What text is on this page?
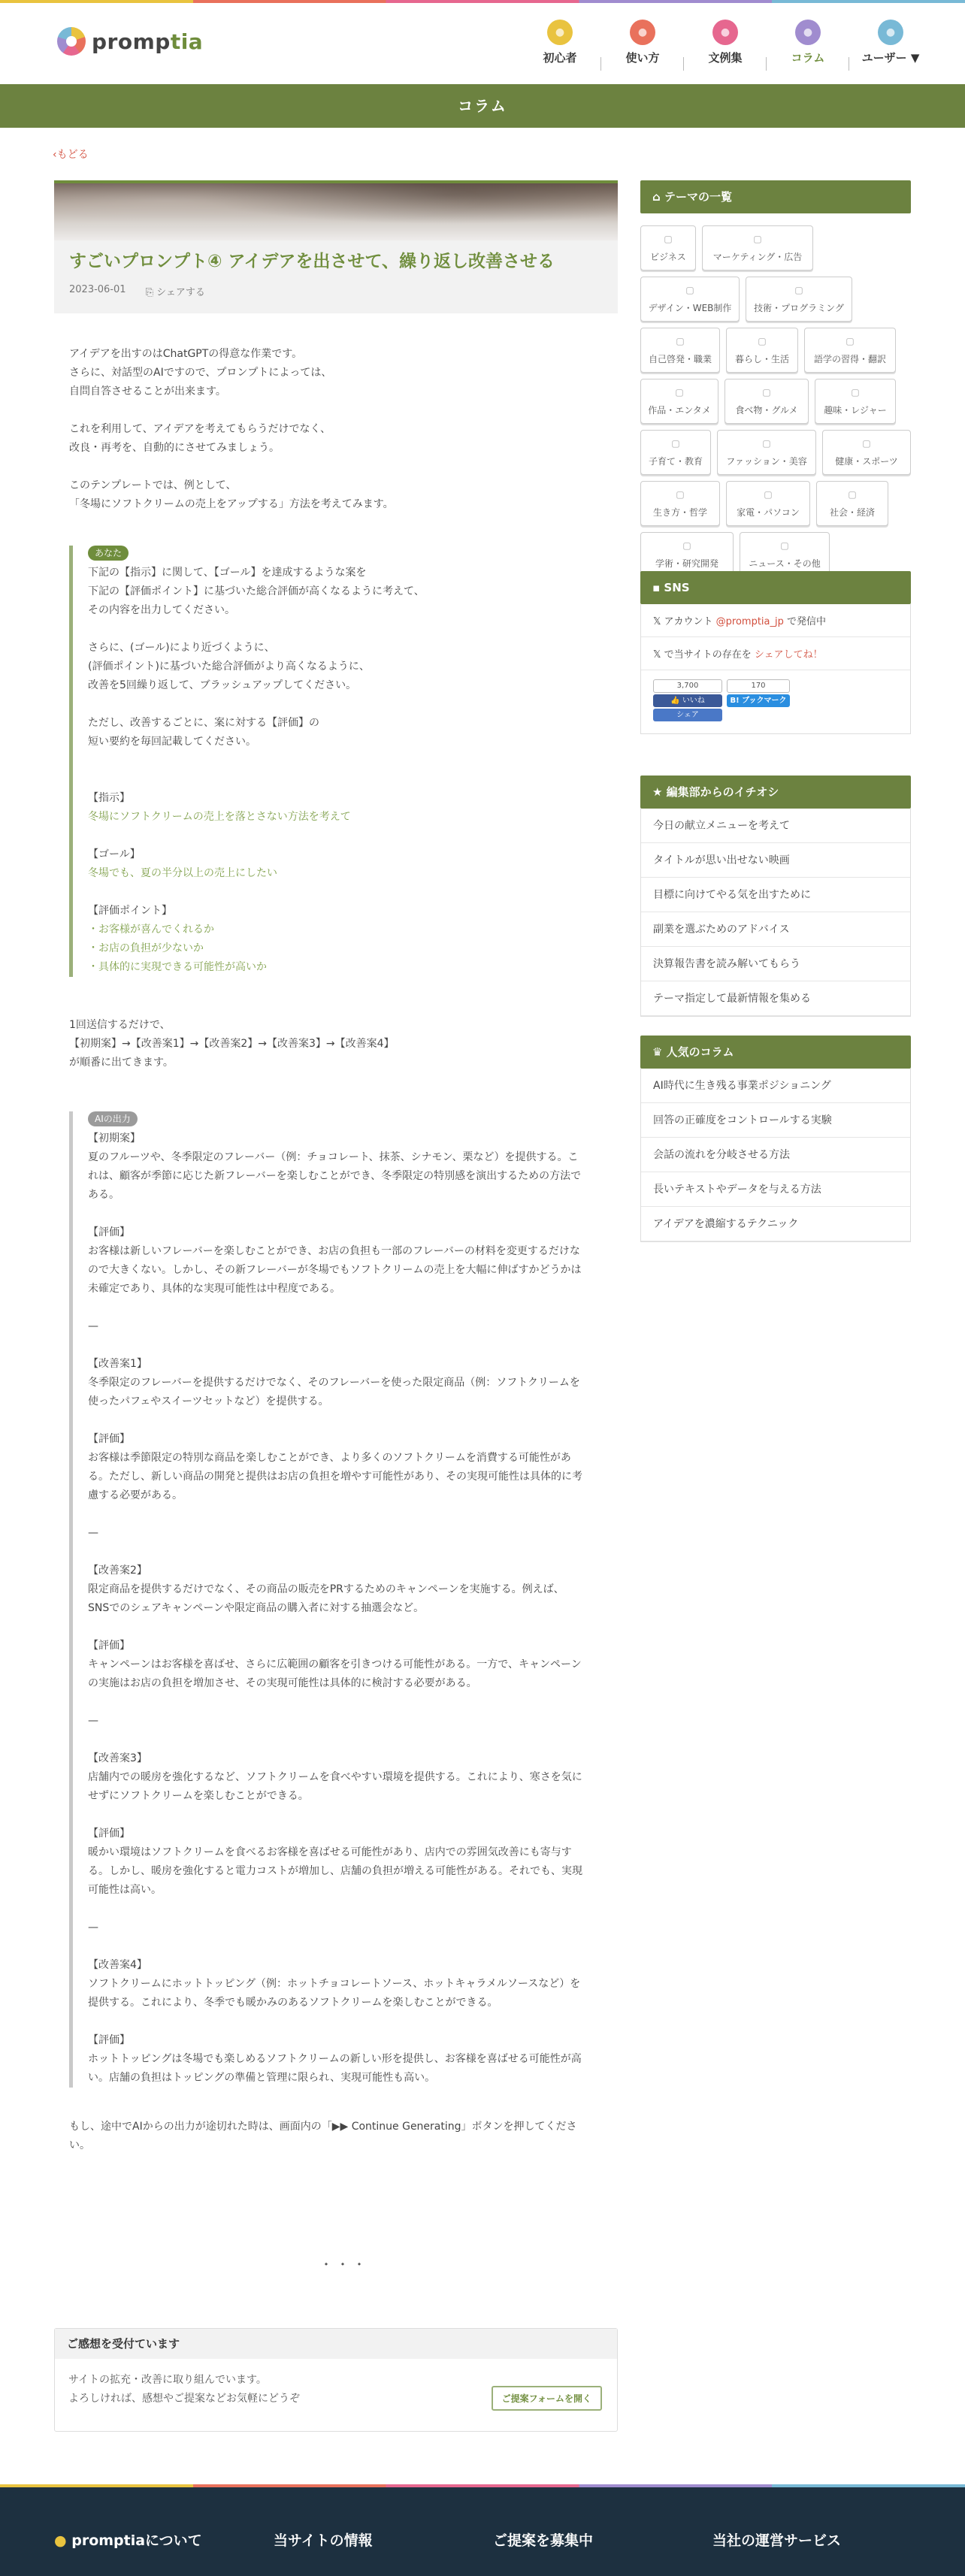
promptia	●
初心者
●
使い方
●
文例集
●
コラム
●
ユーザー ▼
コラム
‹もどる
すごいプロンプト④ アイデアを出させて、繰り返し改善させる
2023-06-01 ⎘ シェアする

アイデアを出すのはChatGPTの得意な作業です。

さらに、対話型のAIですので、プロンプトによっては、

自問自答させることが出来ます。

これを利用して、アイデアを考えてもらうだけでなく、

改良・再考を、自動的にさせてみましょう。

このテンプレートでは、例として、

「冬場にソフトクリームの売上をアップする」方法を考えてみます。

あなた

下記の【指示】に関して、【ゴール】を達成するような案を

下記の【評価ポイント】に基づいた総合評価が高くなるように考えて、

その内容を出力してください。

さらに、(ゴール)により近づくように、

(評価ポイント)に基づいた総合評価がより高くなるように、

改善を5回繰り返して、ブラッシュアップしてください。

ただし、改善するごとに、案に対する【評価】の

短い要約を毎回記載してください。

【指示】

冬場にソフトクリームの売上を落とさない方法を考えて

【ゴール】

冬場でも、夏の半分以上の売上にしたい

【評価ポイント】

・お客様が喜んでくれるか

・お店の負担が少ないか

・具体的に実現できる可能性が高いか

1回送信するだけで、

【初期案】→【改善案1】→【改善案2】→【改善案3】→【改善案4】

が順番に出てきます。

AIの出力

【初期案】

夏のフルーツや、冬季限定のフレーバー（例：チョコレート、抹茶、シナモン、栗など）を提供する。これは、顧客が季節に応じた新フレーバーを楽しむことができ、冬季限定の特別感を演出するための方法である。

【評価】

お客様は新しいフレーバーを楽しむことができ、お店の負担も一部のフレーバーの材料を変更するだけなので大きくない。しかし、その新フレーバーが冬場でもソフトクリームの売上を大幅に伸ばすかどうかは未確定であり、具体的な実現可能性は中程度である。

—

【改善案1】

冬季限定のフレーバーを提供するだけでなく、そのフレーバーを使った限定商品（例：ソフトクリームを使ったパフェやスイーツセットなど）を提供する。

【評価】

お客様は季節限定の特別な商品を楽しむことができ、より多くのソフトクリームを消費する可能性がある。ただし、新しい商品の開発と提供はお店の負担を増やす可能性があり、その実現可能性は具体的に考慮する必要がある。

—

【改善案2】

限定商品を提供するだけでなく、その商品の販売をPRするためのキャンペーンを実施する。例えば、SNSでのシェアキャンペーンや限定商品の購入者に対する抽選会など。

【評価】

キャンペーンはお客様を喜ばせ、さらに広範囲の顧客を引きつける可能性がある。一方で、キャンペーンの実施はお店の負担を増加させ、その実現可能性は具体的に検討する必要がある。

—

【改善案3】

店舗内での暖房を強化するなど、ソフトクリームを食べやすい環境を提供する。これにより、寒さを気にせずにソフトクリームを楽しむことができる。

【評価】

暖かい環境はソフトクリームを食べるお客様を喜ばせる可能性があり、店内での雰囲気改善にも寄与する。しかし、暖房を強化すると電力コストが増加し、店舗の負担が増える可能性がある。それでも、実現可能性は高い。

—

【改善案4】

ソフトクリームにホットトッピング（例：ホットチョコレートソース、ホットキャラメルソースなど）を提供する。これにより、冬季でも暖かみのあるソフトクリームを楽しむことができる。

【評価】

ホットトッピングは冬場でも楽しめるソフトクリームの新しい形を提供し、お客様を喜ばせる可能性が高い。店舗の負担はトッピングの準備と管理に限られ、実現可能性も高い。

もし、途中でAIからの出力が途切れた時は、画面内の「▶▶ Continue Generating」ボタンを押してください。

・・・
ご感想を受付ています

サイトの拡充・改善に取り組んでいます。

よろしければ、感想やご提案などお気軽にどうぞ	ご提案フォームを開く
⌂ テーマの一覧
▢
ビジネス
▢
マーケティング・広告
▢
デザイン・WEB制作
▢
技術・プログラミング
▢
自己啓発・職業
▢
暮らし・生活
▢
語学の習得・翻訳
▢
作品・エンタメ
▢
食べ物・グルメ
▢
趣味・レジャー
▢
子育て・教育
▢
ファッション・美容
▢
健康・スポーツ
▢
生き方・哲学
▢
家電・パソコン
▢
社会・経済
▢
学術・研究開発
▢
ニュース・その他
▪ SNS
𝕏 アカウント @promptia_jp で発信中
𝕏 で当サイトの存在を シェアしてね！
3,700
👍 いいね
シェア
170
B! ブックマーク
★ 編集部からのイチオシ
今日の献立メニューを考えて
タイトルが思い出せない映画
目標に向けてやる気を出すために
副業を選ぶためのアドバイス
決算報告書を読み解いてもらう
テーマ指定して最新情報を集める
♛ 人気のコラム
AI時代に生き残る事業ポジショニング
回答の正確度をコントロールする実験
会話の流れを分岐させる方法
長いテキストやデータを与える方法
アイデアを濃縮するテクニック
● promptiaについて	当サイトの情報	ご提案を募集中	当社の運営サービス
